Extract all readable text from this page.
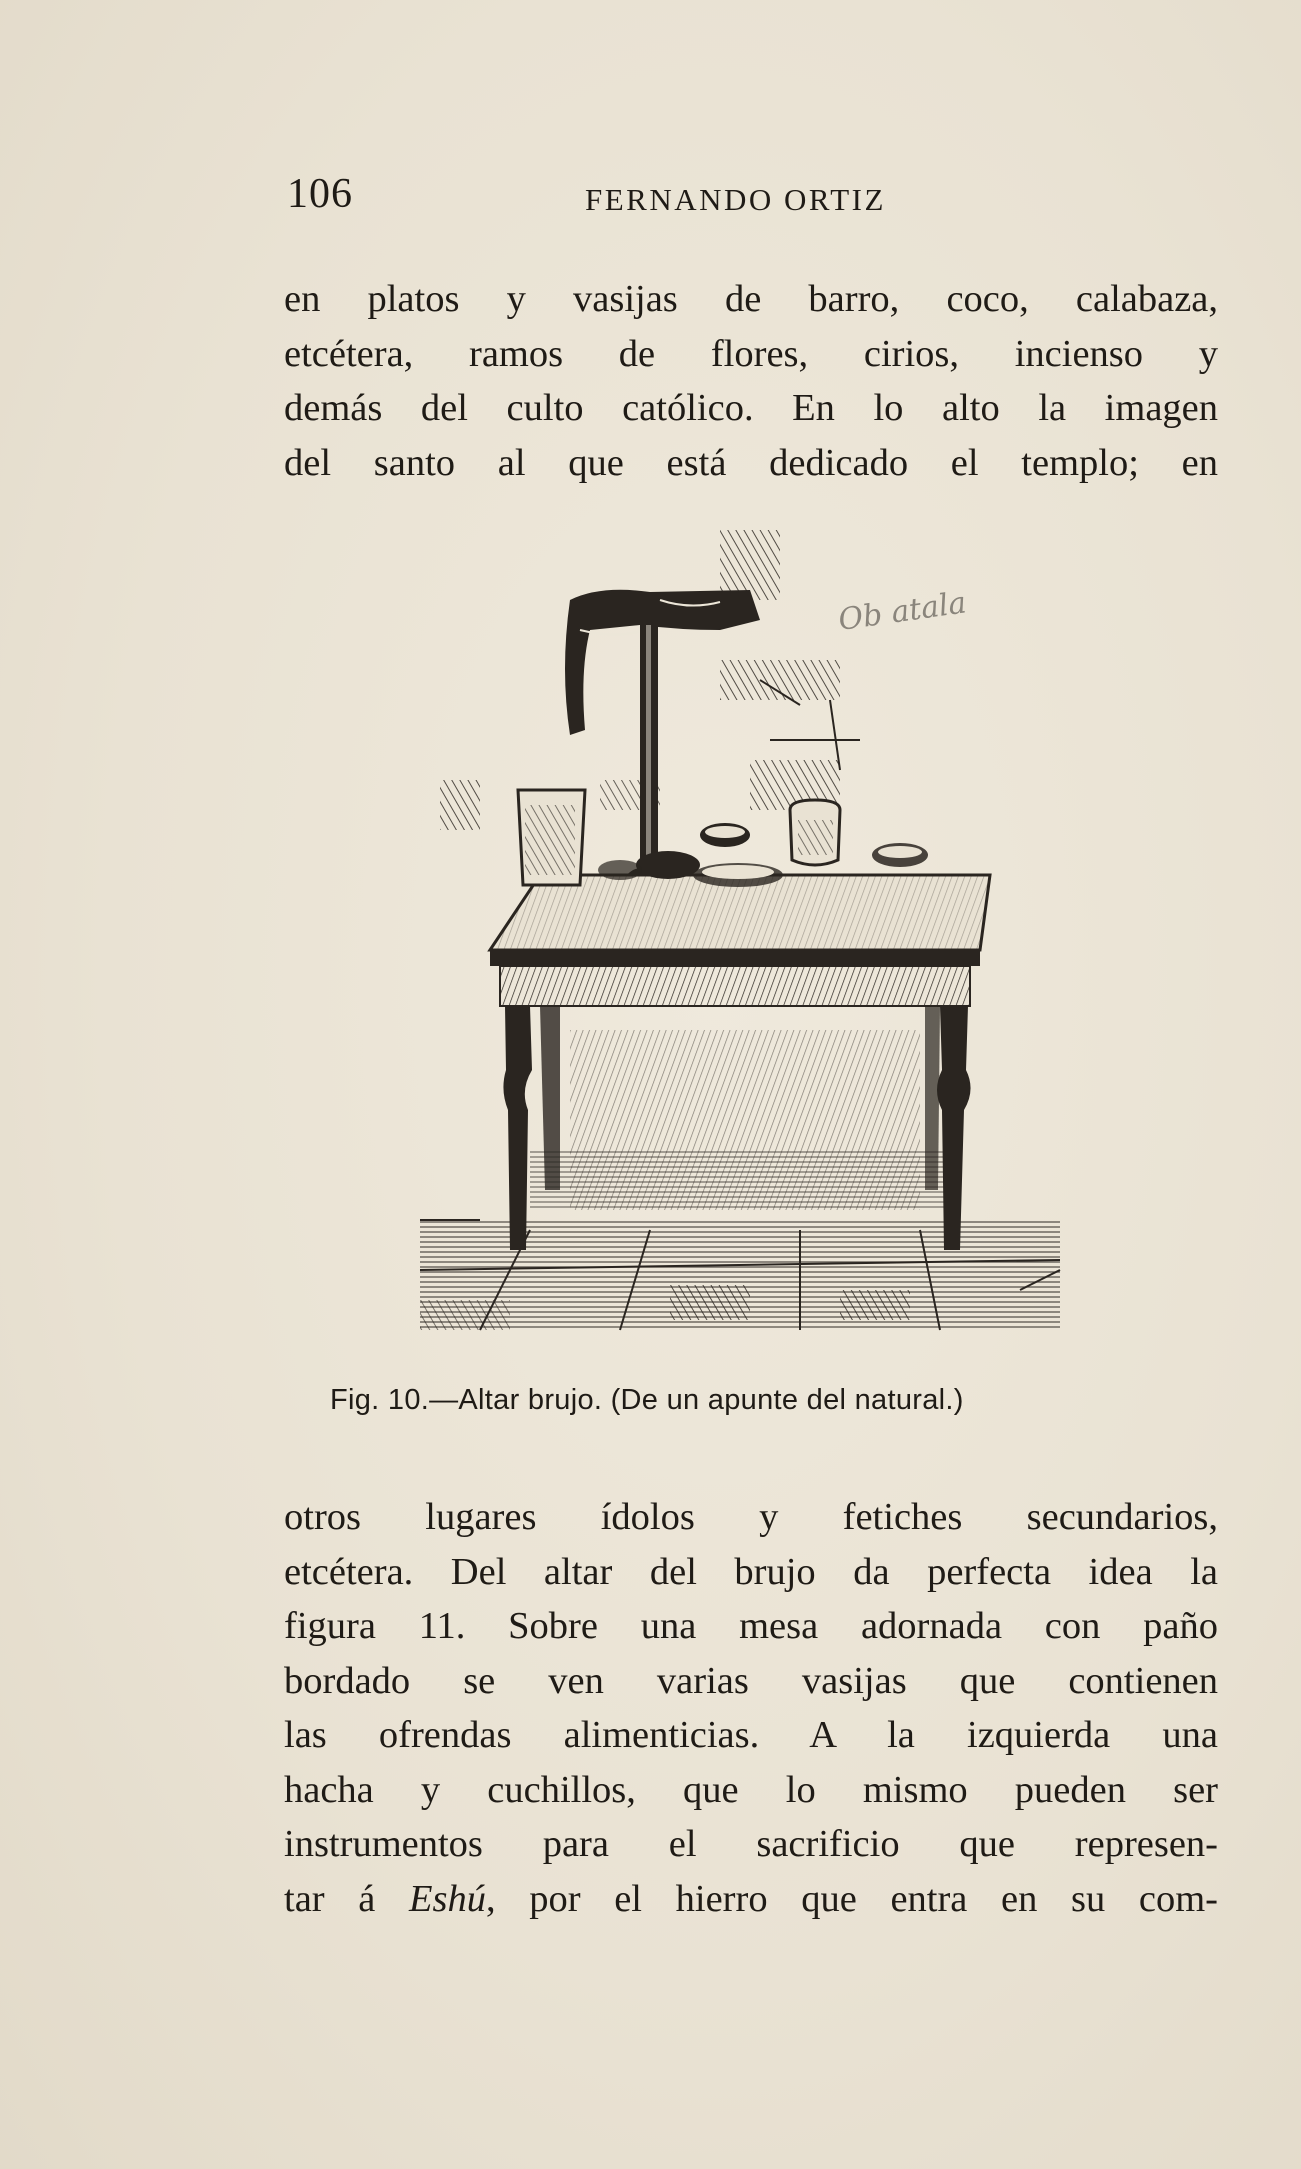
106	FERNANDO ORTIZ
en platos y vasijas de barro, coco, calabaza,
etcétera, ramos de flores, cirios, incienso y
demás del culto católico. En lo alto la imagen
del santo al que está dedicado el templo; en
Ob atala
Fig. 10.—Altar brujo. (De un apunte del natural.)
otros lugares ídolos y fetiches secundarios,
etcétera. Del altar del brujo da perfecta idea la
figura 11. Sobre una mesa adornada con paño
bordado se ven varias vasijas que contienen
las ofrendas alimenticias. A la izquierda una
hacha y cuchillos, que lo mismo pueden ser
instrumentos para el sacrificio que represen-
tar á Eshú, por el hierro que entra en su com-
